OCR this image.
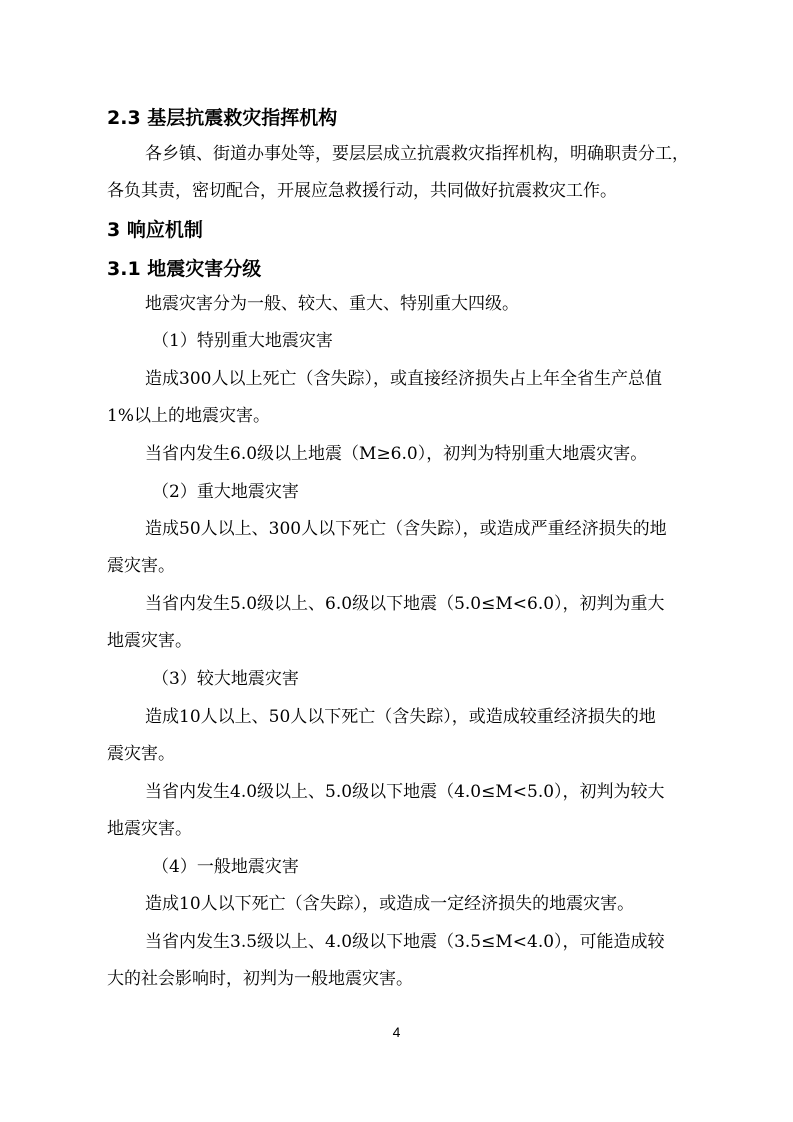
2.3 基层抗震救灾指挥机构
各乡镇、街道办事处等，要层层成立抗震救灾指挥机构，明确职责分工，
各负其责，密切配合，开展应急救援行动，共同做好抗震救灾工作。
3 响应机制
3.1 地震灾害分级
地震灾害分为一般、较大、重大、特别重大四级。
（1）特别重大地震灾害
造成300人以上死亡（含失踪），或直接经济损失占上年全省生产总值
1%以上的地震灾害。
当省内发生6.0级以上地震（M≥6.0），初判为特别重大地震灾害。
（2）重大地震灾害
造成50人以上、300人以下死亡（含失踪），或造成严重经济损失的地
震灾害。
当省内发生5.0级以上、6.0级以下地震（5.0≤M<6.0），初判为重大
地震灾害。
（3）较大地震灾害
造成10人以上、50人以下死亡（含失踪），或造成较重经济损失的地
震灾害。
当省内发生4.0级以上、5.0级以下地震（4.0≤M<5.0），初判为较大
地震灾害。
（4）一般地震灾害
造成10人以下死亡（含失踪），或造成一定经济损失的地震灾害。
当省内发生3.5级以上、4.0级以下地震（3.5≤M<4.0），可能造成较
大的社会影响时，初判为一般地震灾害。
4
